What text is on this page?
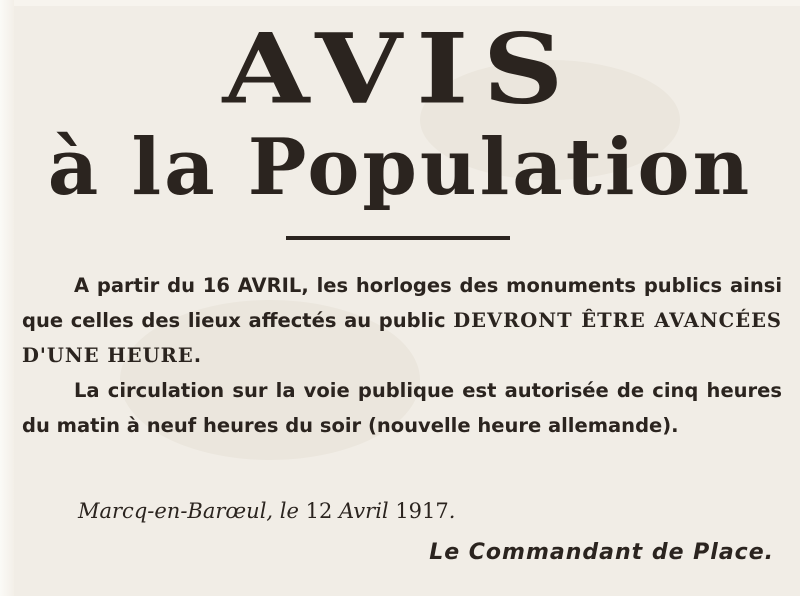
AVIS
à la Population

A partir du 16 AVRIL, les horloges des monuments publics ainsi que celles des lieux affectés au public DEVRONT ÊTRE AVANCÉES D'UNE HEURE.

La circulation sur la voie publique est autorisée de cinq heures du matin à neuf heures du soir (nouvelle heure allemande).

Marcq-en-Barœul, le 12 Avril 1917.
Le Commandant de Place.
